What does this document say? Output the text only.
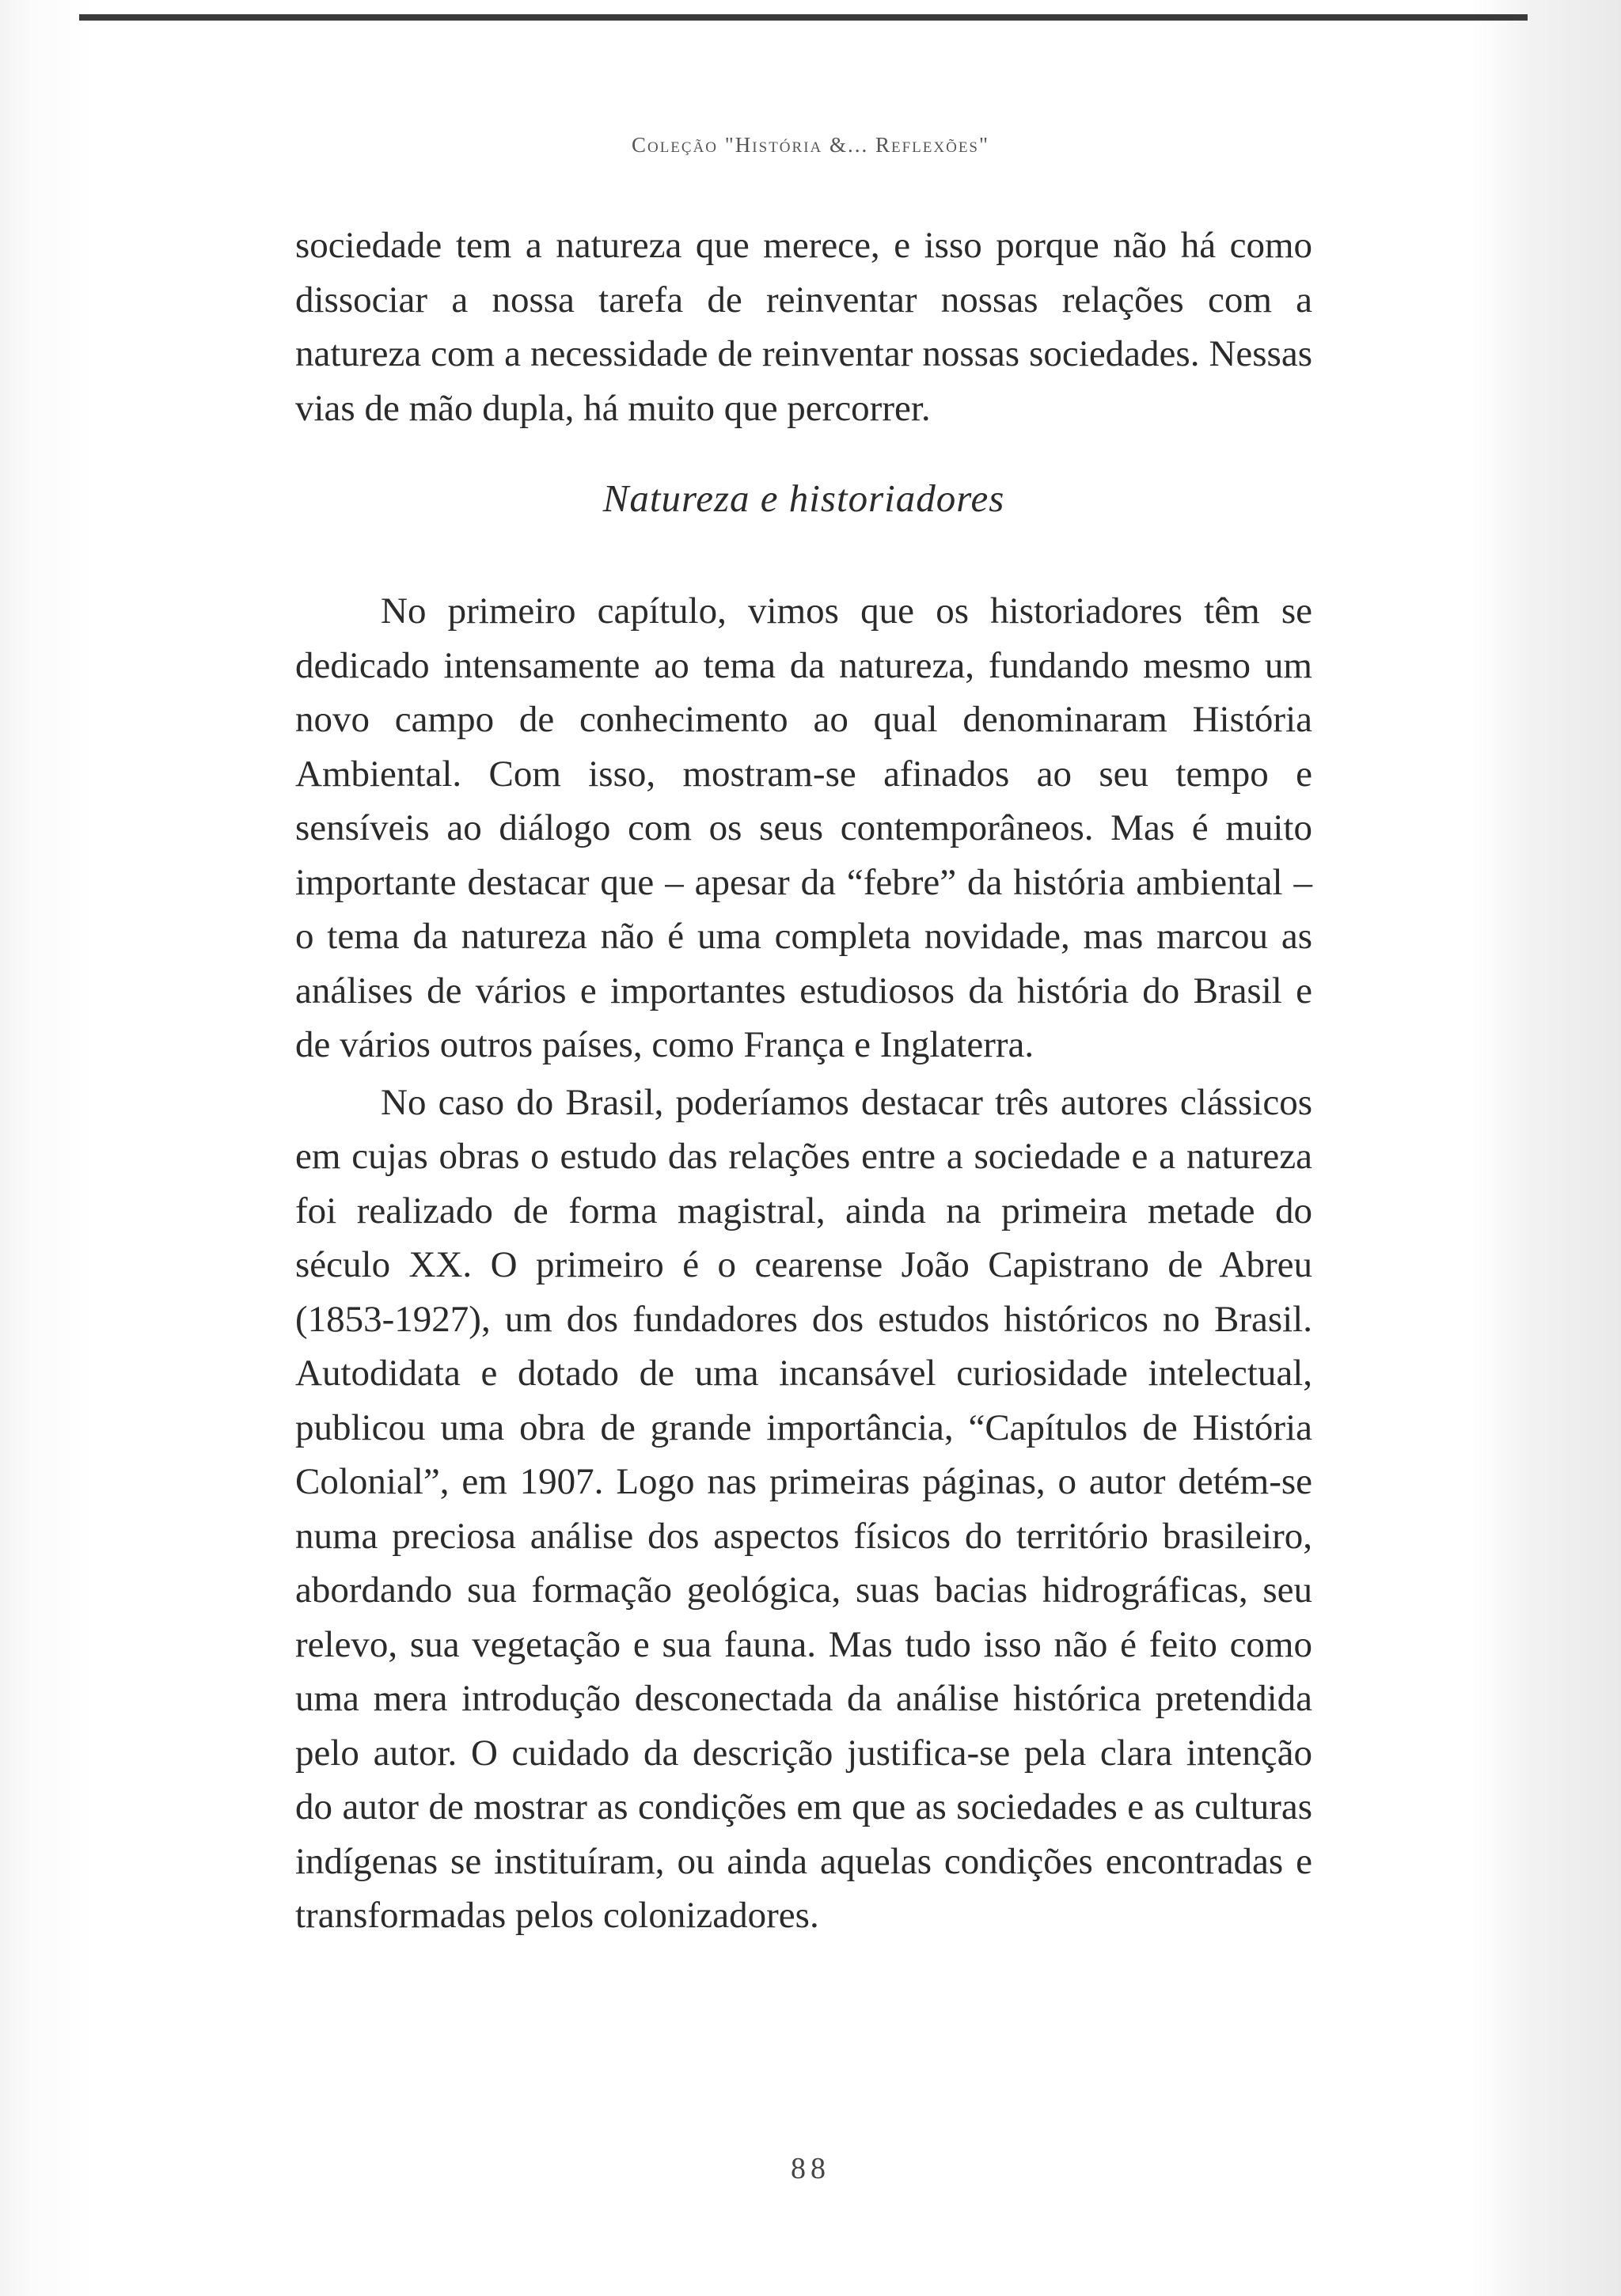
Coleção "História &... Reflexões"

sociedade tem a natureza que merece, e isso porque não há como dissociar a nossa tarefa de reinventar nossas relações com a natureza com a necessidade de reinventar nossas sociedades. Nessas vias de mão dupla, há muito que percorrer.

Natureza e historiadores

No primeiro capítulo, vimos que os historiadores têm se dedicado intensamente ao tema da natureza, fundando mesmo um novo campo de conhecimento ao qual denominaram História Ambiental. Com isso, mostram-se afinados ao seu tempo e sensíveis ao diálogo com os seus contemporâneos. Mas é muito importante destacar que – apesar da “febre” da história ambiental – o tema da natureza não é uma completa novidade, mas marcou as análises de vários e importantes estudiosos da história do Brasil e de vários outros países, como França e Inglaterra.

No caso do Brasil, poderíamos destacar três autores clássicos em cujas obras o estudo das relações entre a sociedade e a natureza foi realizado de forma magistral, ainda na primeira metade do século XX. O primeiro é o cearense João Capistrano de Abreu (1853-1927), um dos fundadores dos estudos históricos no Brasil. Autodidata e dotado de uma incansável curiosidade intelectual, publicou uma obra de grande importância, “Capítulos de História Colonial”, em 1907. Logo nas primeiras páginas, o autor detém-se numa preciosa análise dos aspectos físicos do território brasileiro, abordando sua formação geológica, suas bacias hidrográficas, seu relevo, sua vegetação e sua fauna. Mas tudo isso não é feito como uma mera introdução desconectada da análise histórica pretendida pelo autor. O cuidado da descrição justifica-se pela clara intenção do autor de mostrar as condições em que as sociedades e as culturas indígenas se instituíram, ou ainda aquelas condições encontradas e transformadas pelos colonizadores.

88
